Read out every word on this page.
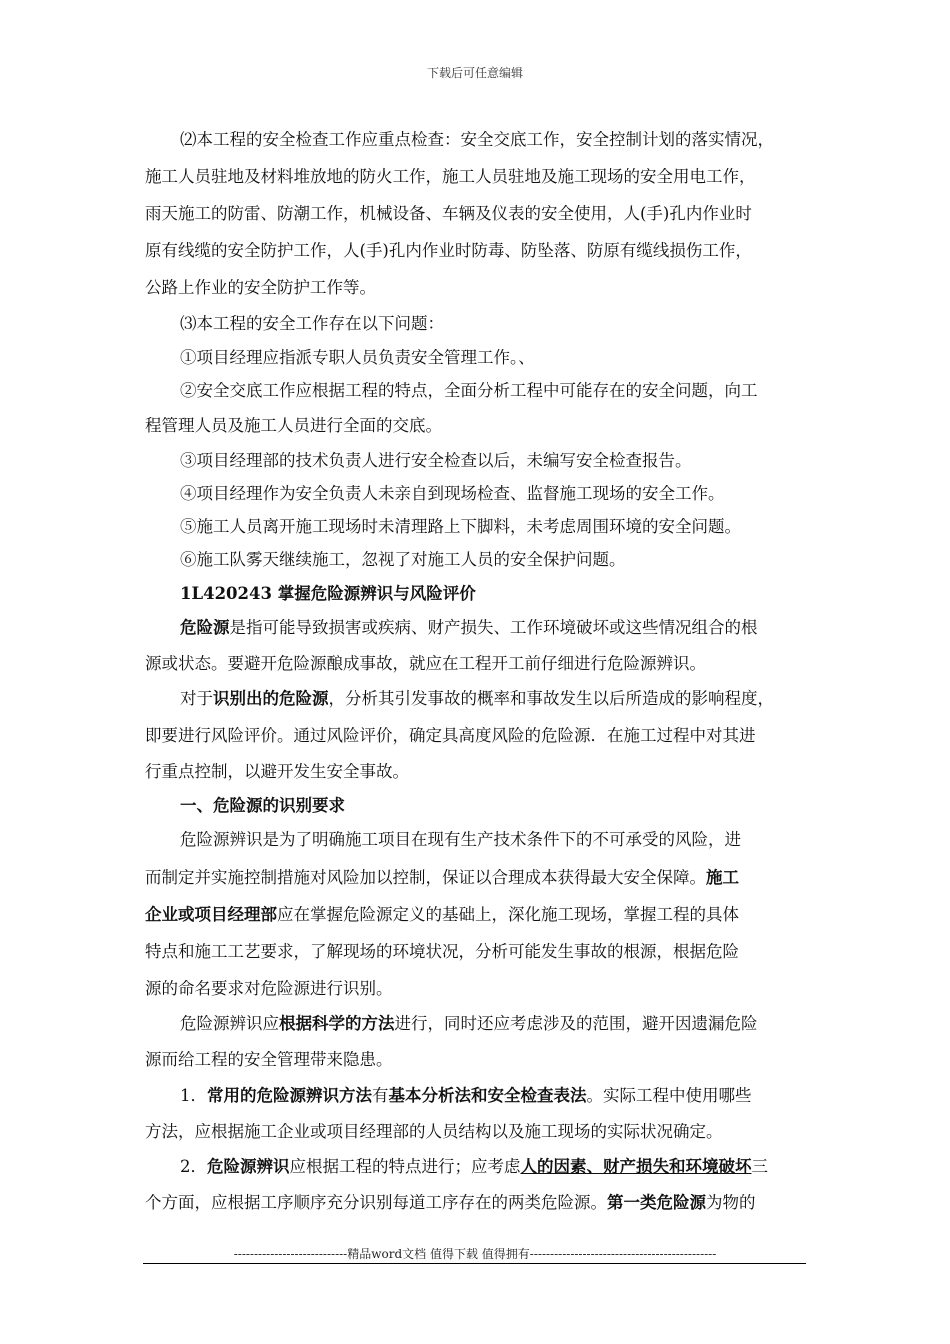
下载后可任意编辑
⑵本工程的安全检查工作应重点检查：安全交底工作，安全控制计划的落实情况，
施工人员驻地及材料堆放地的防火工作，施工人员驻地及施工现场的安全用电工作，
雨天施工的防雷、防潮工作，机械设备、车辆及仪表的安全使用，人(手)孔内作业时
原有线缆的安全防护工作，人(手)孔内作业时防毒、防坠落、防原有缆线损伤工作，
公路上作业的安全防护工作等。
⑶本工程的安全工作存在以下问题：
①项目经理应指派专职人员负责安全管理工作。、
②安全交底工作应根据工程的特点，全面分析工程中可能存在的安全问题，向工
程管理人员及施工人员进行全面的交底。
③项目经理部的技术负责人进行安全检查以后，未编写安全检查报告。
④项目经理作为安全负责人未亲自到现场检查、监督施工现场的安全工作。
⑤施工人员离开施工现场时未清理路上下脚料，未考虑周围环境的安全问题。
⑥施工队雾天继续施工，忽视了对施工人员的安全保护问题。
1L420243 掌握危险源辨识与风险评价
危险源是指可能导致损害或疾病、财产损失、工作环境破坏或这些情况组合的根
源或状态。要避开危险源酿成事故，就应在工程开工前仔细进行危险源辨识。
对于识别出的危险源，分析其引发事故的概率和事故发生以后所造成的影响程度，
即要进行风险评价。通过风险评价，确定具高度风险的危险源．在施工过程中对其进
行重点控制，以避开发生安全事故。
一、危险源的识别要求
危险源辨识是为了明确施工项目在现有生产技术条件下的不可承受的风险，进
而制定并实施控制措施对风险加以控制，保证以合理成本获得最大安全保障。施工
企业或项目经理部应在掌握危险源定义的基础上，深化施工现场，掌握工程的具体
特点和施工工艺要求，了解现场的环境状况，分析可能发生事故的根源，根据危险
源的命名要求对危险源进行识别。
危险源辨识应根据科学的方法进行，同时还应考虑涉及的范围，避开因遗漏危险
源而给工程的安全管理带来隐患。
1．常用的危险源辨识方法有基本分析法和安全检查表法。实际工程中使用哪些
方法，应根据施工企业或项目经理部的人员结构以及施工现场的实际状况确定。
2．危险源辨识应根据工程的特点进行；应考虑人的因素、财产损失和环境破坏三
个方面，应根据工序顺序充分识别每道工序存在的两类危险源。第一类危险源为物的
----------------------------精品word文档 值得下载 值得拥有----------------------------------------------
